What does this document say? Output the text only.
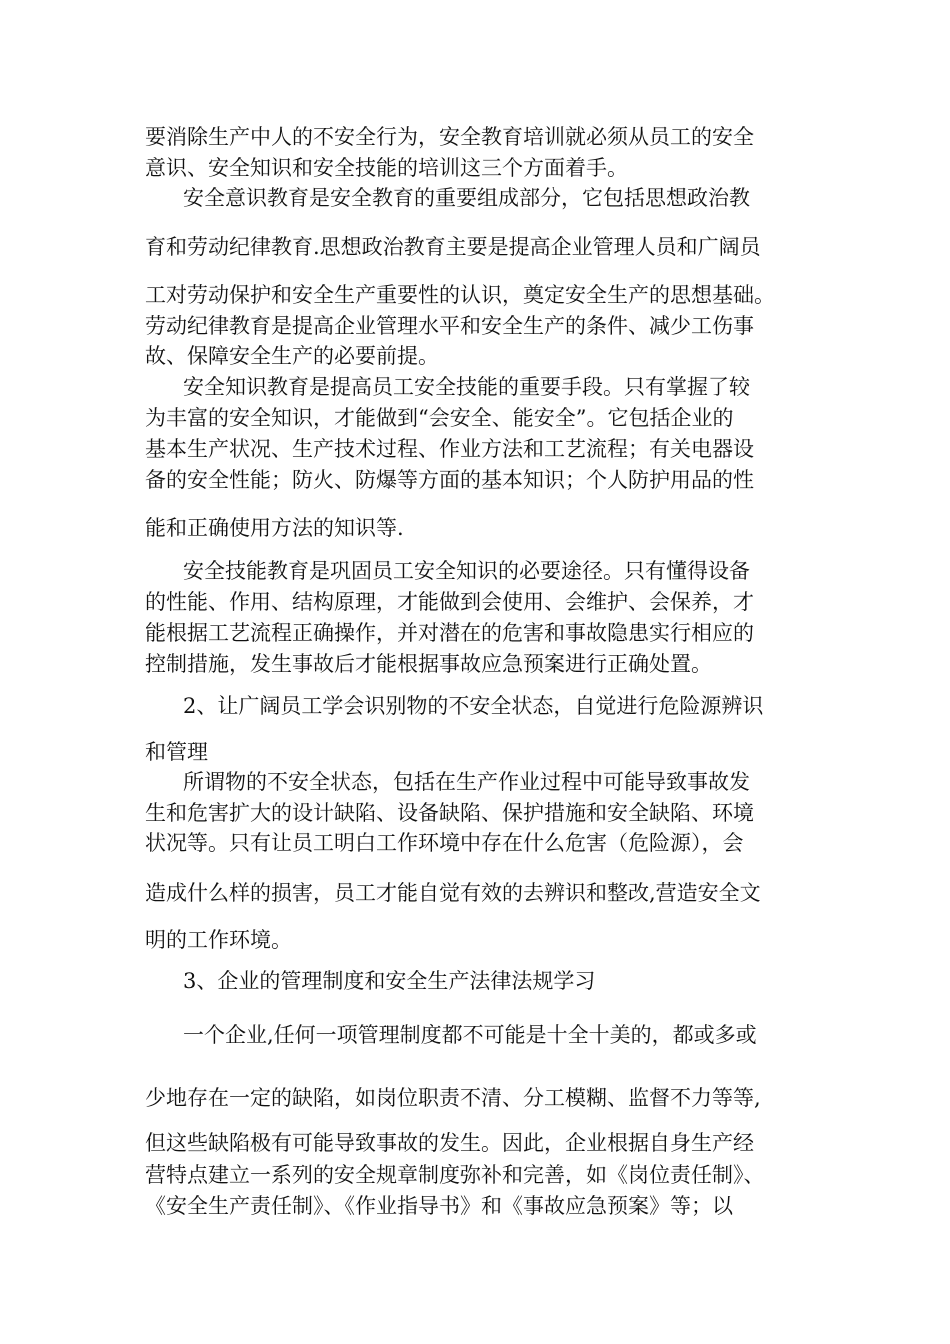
要消除生产中人的不安全行为，安全教育培训就必须从员工的安全
意识、安全知识和安全技能的培训这三个方面着手。
安全意识教育是安全教育的重要组成部分，它包括思想政治教
育和劳动纪律教育.思想政治教育主要是提高企业管理人员和广阔员
工对劳动保护和安全生产重要性的认识，奠定安全生产的思想基础。
劳动纪律教育是提高企业管理水平和安全生产的条件、减少工伤事
故、保障安全生产的必要前提。
安全知识教育是提高员工安全技能的重要手段。只有掌握了较
为丰富的安全知识，才能做到“会安全、能安全”。它包括企业的
基本生产状况、生产技术过程、作业方法和工艺流程；有关电器设
备的安全性能；防火、防爆等方面的基本知识；个人防护用品的性
能和正确使用方法的知识等.
安全技能教育是巩固员工安全知识的必要途径。只有懂得设备
的性能、作用、结构原理，才能做到会使用、会维护、会保养，才
能根据工艺流程正确操作，并对潜在的危害和事故隐患实行相应的
控制措施，发生事故后才能根据事故应急预案进行正确处置。
2、让广阔员工学会识别物的不安全状态，自觉进行危险源辨识
和管理
所谓物的不安全状态，包括在生产作业过程中可能导致事故发
生和危害扩大的设计缺陷、设备缺陷、保护措施和安全缺陷、环境
状况等。只有让员工明白工作环境中存在什么危害（危险源），会
造成什么样的损害，员工才能自觉有效的去辨识和整改,营造安全文
明的工作环境。
3、企业的管理制度和安全生产法律法规学习
一个企业,任何一项管理制度都不可能是十全十美的，都或多或
少地存在一定的缺陷，如岗位职责不清、分工模糊、监督不力等等,
但这些缺陷极有可能导致事故的发生。因此，企业根据自身生产经
营特点建立一系列的安全规章制度弥补和完善，如《岗位责任制》、
《安全生产责任制》、《作业指导书》和《事故应急预案》等；以
